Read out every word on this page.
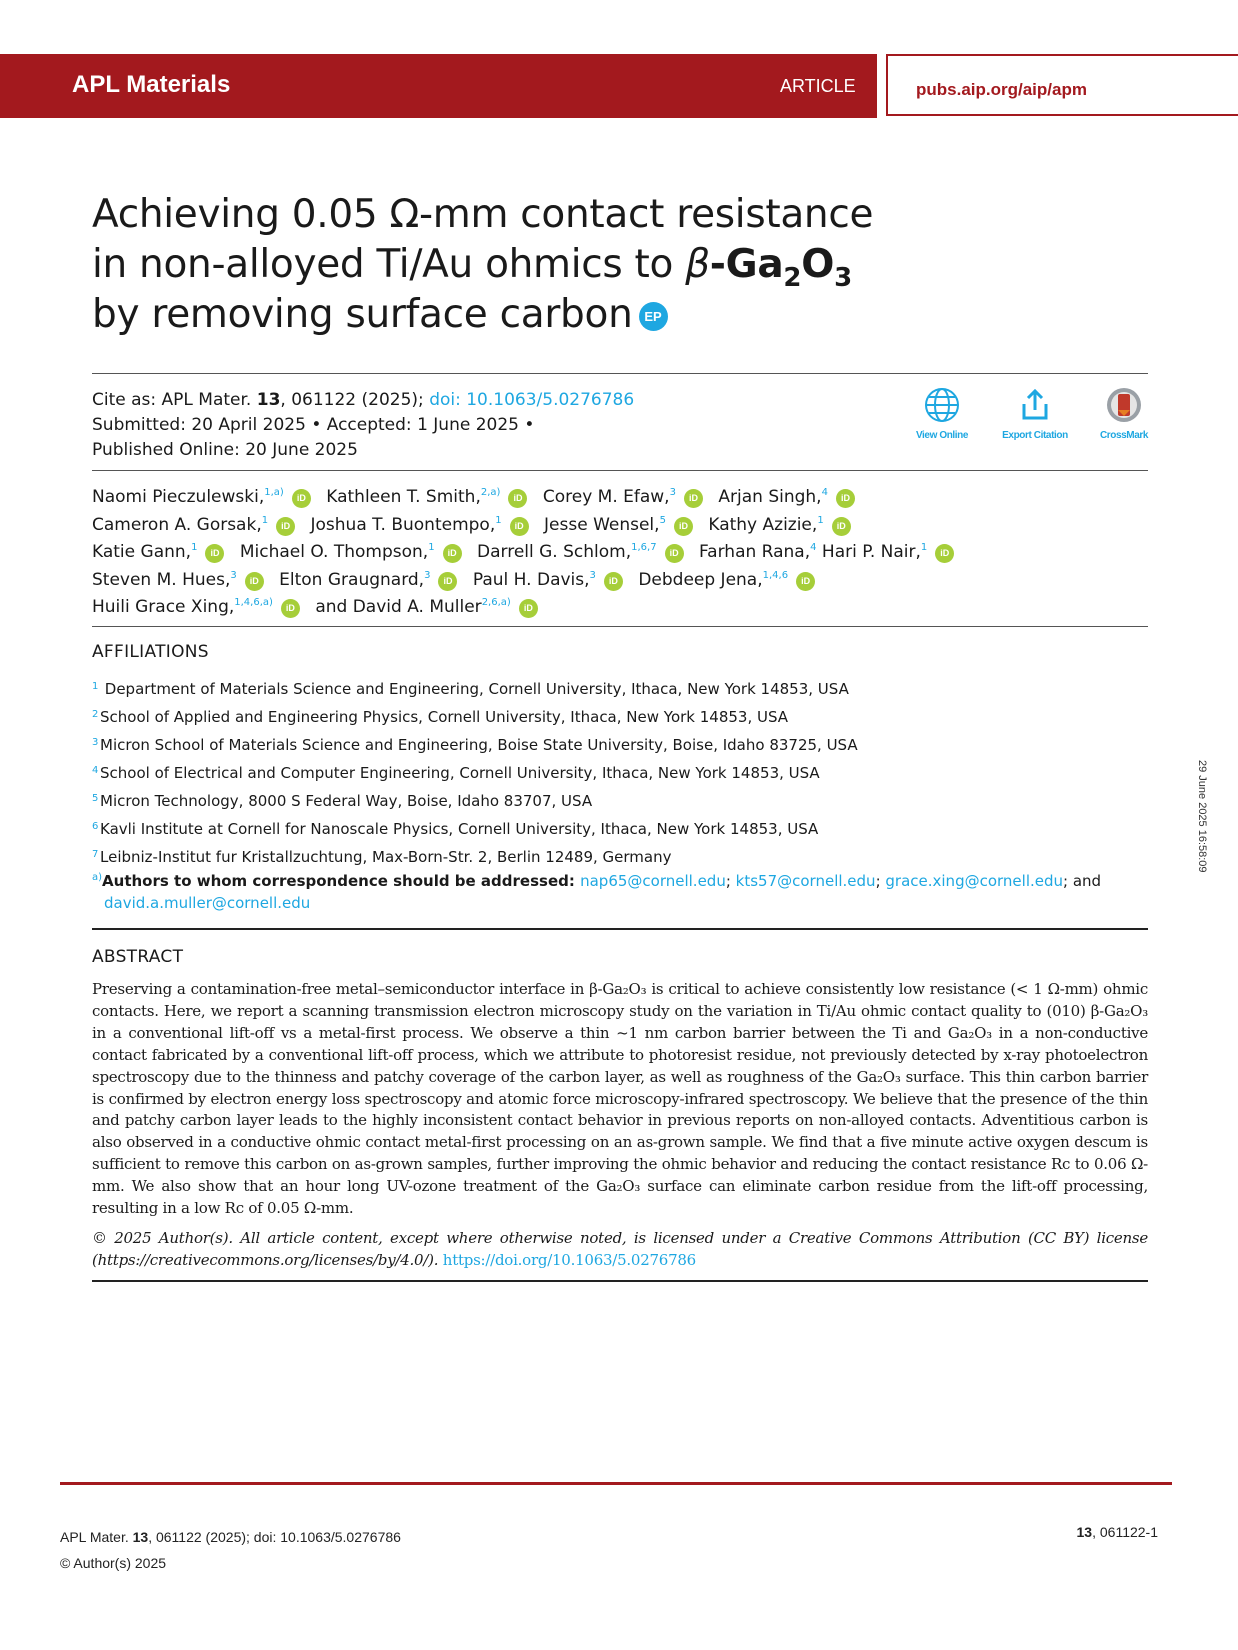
APL Materials	ARTICLE	pubs.aip.org/aip/apm
Achieving 0.05 Ω-mm contact resistance
in non-alloyed Ti/Au ohmics to $\beta-Ga_2O_3$
by removing surface carbon EP
Cite as: APL Mater. 13, 061122 (2025); doi: 10.1063/5.0276786
Submitted: 20 April 2025 • Accepted: 1 June 2025 •
Published Online: 20 June 2025
View Online	Export Citation	CrossMark
Naomi Pieczulewski,$^{1,a)}$ iD Kathleen T. Smith,$^{2,a)}$ iD Corey M. Efaw,$^3$ iD Arjan Singh,$^4$ iD
Cameron A. Gorsak,$^1$ iD Joshua T. Buontempo,$^1$ iD Jesse Wensel,$^5$ iD Kathy Azizie,$^1$ iD
Katie Gann,$^1$ iD Michael O. Thompson,$^1$ iD Darrell G. Schlom,$^{1,6,7}$ iD Farhan Rana,$^4$ Hari P. Nair,$^1$ iD
Steven M. Hues,$^3$ iD Elton Graugnard,$^3$ iD Paul H. Davis,$^3$ iD Debdeep Jena,$^{1,4,6}$ iD
Huili Grace Xing,$^{1,4,6,a)}$ iD and David A. Muller$^{2,6,a)}$ iD
AFFILIATIONS
1 Department of Materials Science and Engineering, Cornell University, Ithaca, New York 14853, USA
2 School of Applied and Engineering Physics, Cornell University, Ithaca, New York 14853, USA
3 Micron School of Materials Science and Engineering, Boise State University, Boise, Idaho 83725, USA
4 School of Electrical and Computer Engineering, Cornell University, Ithaca, New York 14853, USA
5 Micron Technology, 8000 S Federal Way, Boise, Idaho 83707, USA
6 Kavli Institute at Cornell for Nanoscale Physics, Cornell University, Ithaca, New York 14853, USA
7 Leibniz-Institut fur Kristallzuchtung, Max-Born-Str. 2, Berlin 12489, Germany
$^{a)}$Authors to whom correspondence should be addressed: nap65@cornell.edu; kts57@cornell.edu; grace.xing@cornell.edu; and
david.a.muller@cornell.edu
ABSTRACT
Preserving a contamination-free metal–semiconductor interface in β-Ga₂O₃ is critical to achieve consistently low resistance (< 1 Ω-mm) ohmic contacts. Here, we report a scanning transmission electron microscopy study on the variation in Ti/Au ohmic contact quality to (010) β-Ga₂O₃ in a conventional lift-off vs a metal-first process. We observe a thin ~1 nm carbon barrier between the Ti and Ga₂O₃ in a non-conductive contact fabricated by a conventional lift-off process, which we attribute to photoresist residue, not previously detected by x-ray photoelectron spectroscopy due to the thinness and patchy coverage of the carbon layer, as well as roughness of the Ga₂O₃ surface. This thin carbon barrier is confirmed by electron energy loss spectroscopy and atomic force microscopy-infrared spectroscopy. We believe that the presence of the thin and patchy carbon layer leads to the highly inconsistent contact behavior in previous reports on non-alloyed contacts. Adventitious carbon is also observed in a conductive ohmic contact metal-first processing on an as-grown sample. We find that a five minute active oxygen descum is sufficient to remove this carbon on as-grown samples, further improving the ohmic behavior and reducing the contact resistance Rc to 0.06 Ω-mm. We also show that an hour long UV-ozone treatment of the Ga₂O₃ surface can eliminate carbon residue from the lift-off processing, resulting in a low Rc of 0.05 Ω-mm.
© 2025 Author(s). All article content, except where otherwise noted, is licensed under a Creative Commons Attribution (CC BY) license (https://creativecommons.org/licenses/by/4.0/). https://doi.org/10.1063/5.0276786
29 June 2025 16:58:09
APL Mater. 13, 061122 (2025); doi: 10.1063/5.0276786
© Author(s) 2025
13, 061122-1
